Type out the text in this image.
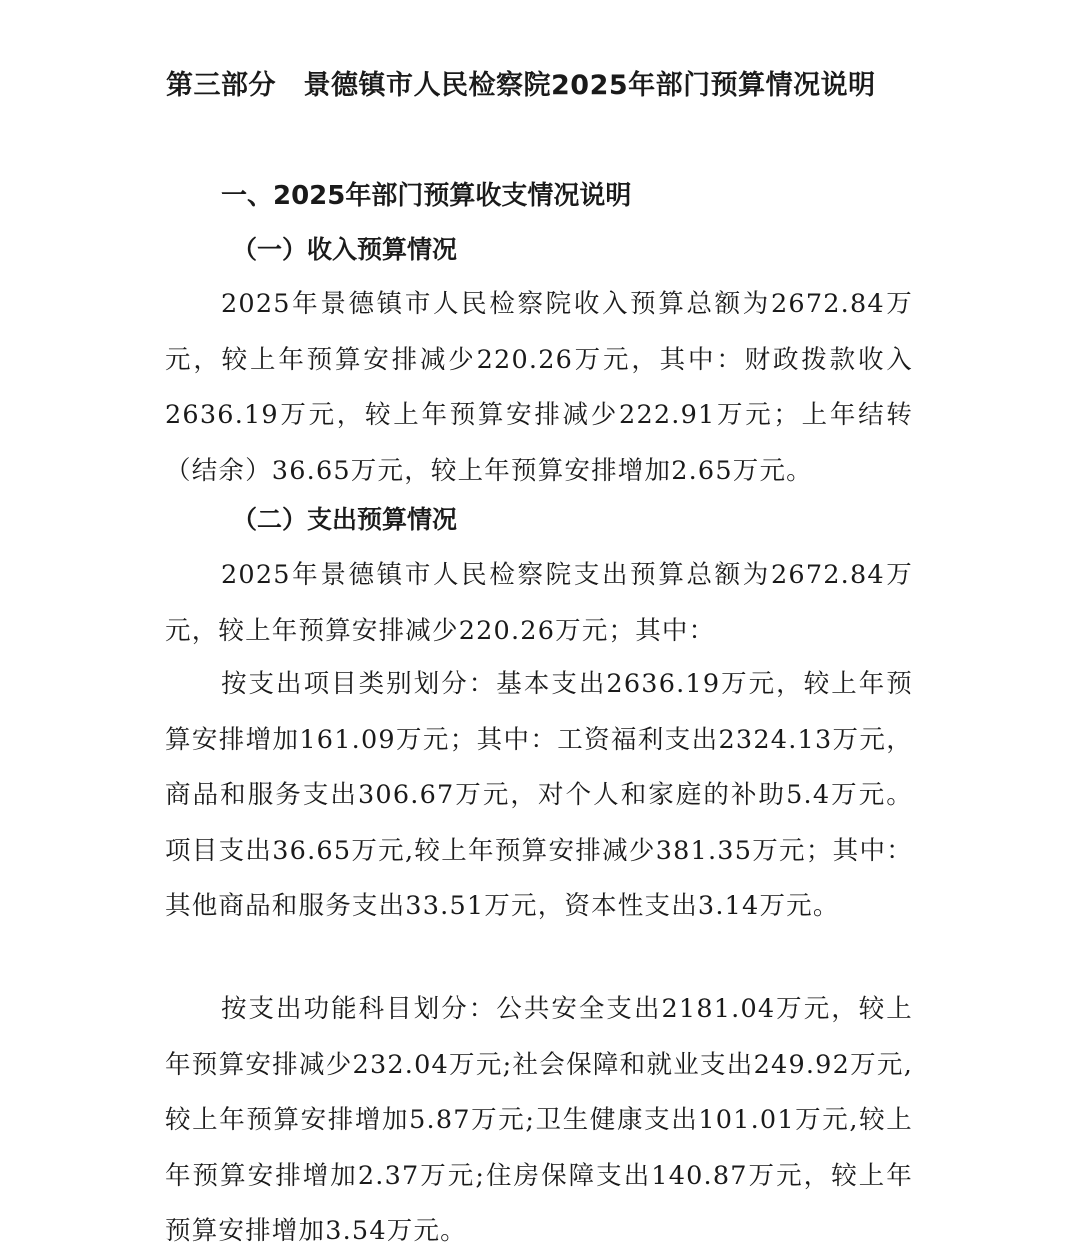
第三部分　景德镇市人民检察院2025年部门预算情况说明
一、2025年部门预算收支情况说明
（一）收入预算情况

2025年景德镇市人民检察院收入预算总额为2672.84万元，较上年预算安排减少220.26万元，其中：财政拨款收入2636.19万元，较上年预算安排减少222.91万元；上年结转（结余）36.65万元，较上年预算安排增加2.65万元。

（二）支出预算情况

2025年景德镇市人民检察院支出预算总额为2672.84万元，较上年预算安排减少220.26万元；其中：

按支出项目类别划分：基本支出2636.19万元，较上年预算安排增加161.09万元；其中：工资福利支出2324.13万元，商品和服务支出306.67万元，对个人和家庭的补助5.4万元。项目支出36.65万元,较上年预算安排减少381.35万元；其中：其他商品和服务支出33.51万元，资本性支出3.14万元。

按支出功能科目划分：公共安全支出2181.04万元，较上年预算安排减少232.04万元;社会保障和就业支出249.92万元,较上年预算安排增加5.87万元;卫生健康支出101.01万元,较上年预算安排增加2.37万元;住房保障支出140.87万元，较上年预算安排增加3.54万元。
